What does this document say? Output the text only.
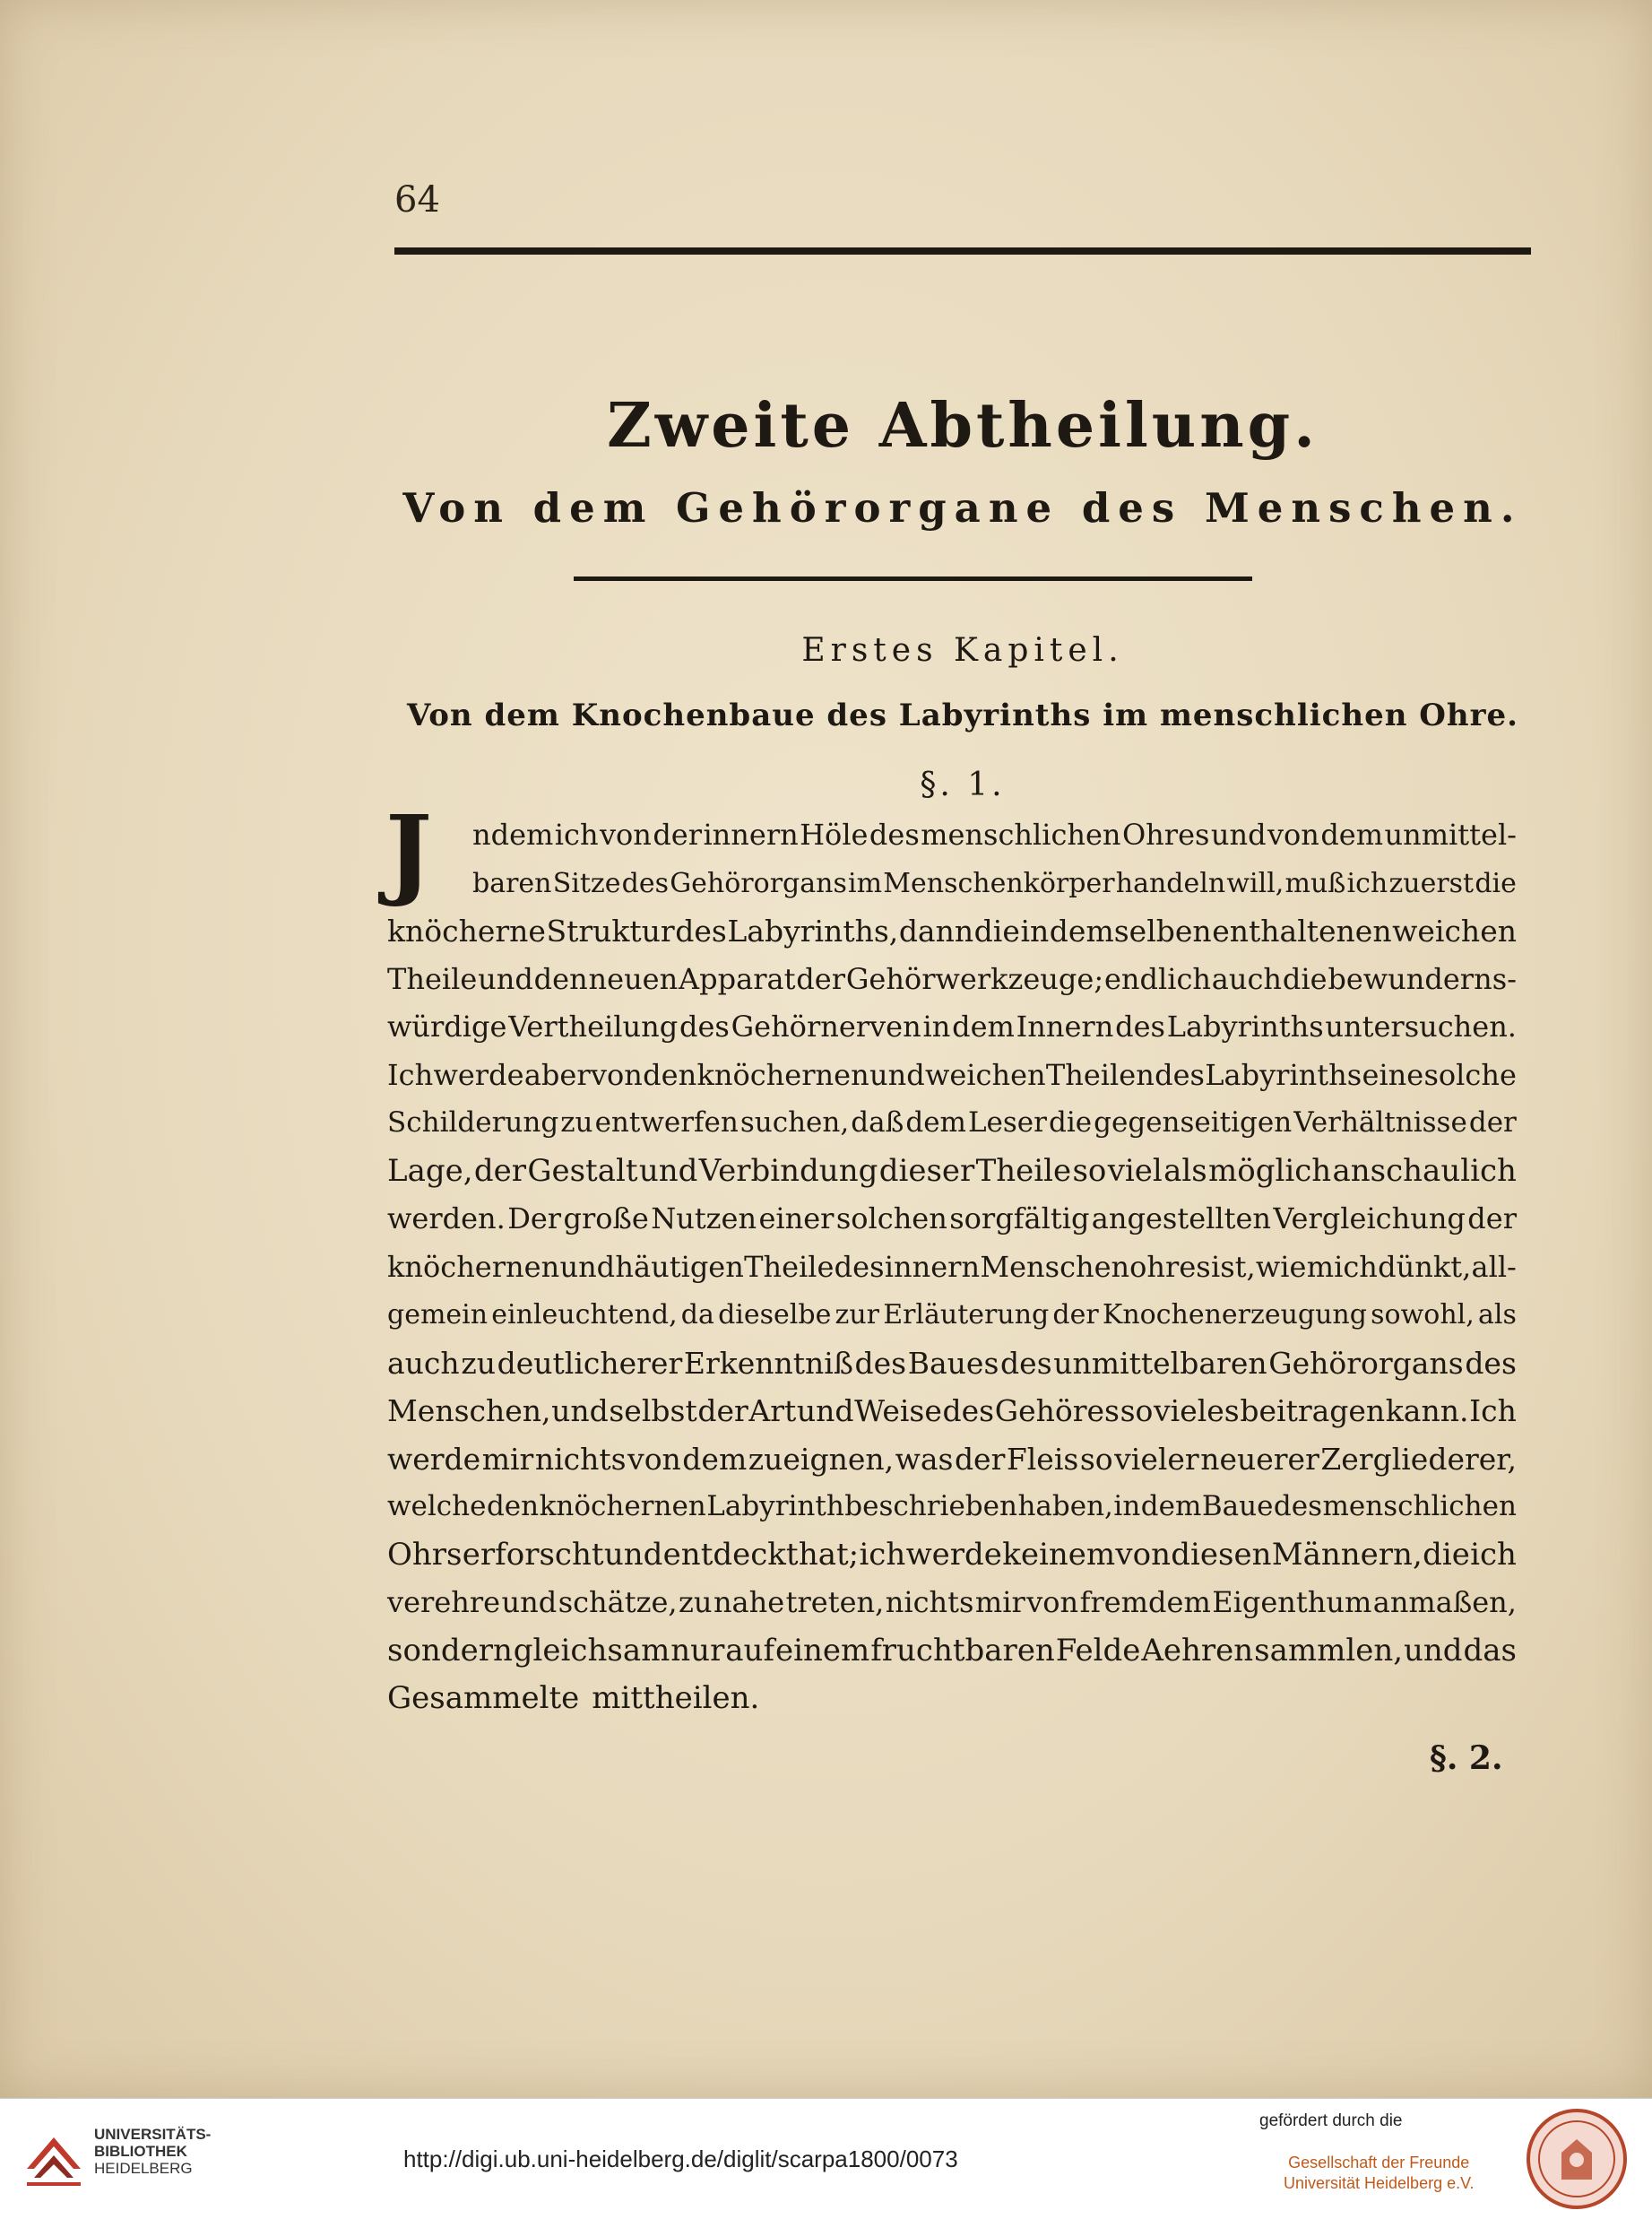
64
Zweite Abtheilung.
Von dem Gehörorgane des Menschen.
Erstes Kapitel.
Von dem Knochenbaue des Labyrinths im menschlichen Ohre.
§. 1.
J ndem ich von der innern Höle des menschlichen Ohres und von dem unmittel-
baren Sitze des Gehörorgans im Menschenkörper handeln will, muß ich zuerst die
knöcherne Struktur des Labyrinths, dann die in demselben enthaltenen weichen
Theile und den neuen Apparat der Gehörwerkzeuge; endlich auch die bewunderns-
würdige Vertheilung des Gehörnerven in dem Innern des Labyrinths untersuchen.
Ich werde aber von den knöchernen und weichen Theilen des Labyrinths eine solche
Schilderung zu entwerfen suchen, daß dem Leser die gegenseitigen Verhältnisse der
Lage, der Gestalt und Verbindung dieser Theile so viel als möglich anschaulich
werden. Der große Nutzen einer solchen sorgfältig angestellten Vergleichung der
knöchernen und häutigen Theile des innern Menschenohres ist, wie mich dünkt, all-
gemein einleuchtend, da dieselbe zur Erläuterung der Knochenerzeugung sowohl, als
auch zu deutlicherer Erkenntniß des Baues des unmittelbaren Gehörorgans des
Menschen, und selbst der Art und Weise des Gehöres so vieles beitragen kann. Ich
werde mir nichts von dem zueignen, was der Fleis so vieler neuerer Zergliederer,
welche den knöchernen Labyrinth beschrieben haben, in dem Baue des menschlichen
Ohrs erforscht und entdeckt hat; ich werde keinem von diesen Männern, die ich
verehre und schätze, zu nahe treten, nichts mir von fremdem Eigenthum anmaßen,
sondern gleichsam nur auf einem fruchtbaren Felde Aehren sammlen, und das
Gesammelte mittheilen.
§. 2.
UNIVERSITÄTS-
BIBLIOTHEK
HEIDELBERG	http://digi.ub.uni-heidelberg.de/diglit/scarpa1800/0073
gefördert durch die
Gesellschaft der Freunde
Universität Heidelberg e.V.
